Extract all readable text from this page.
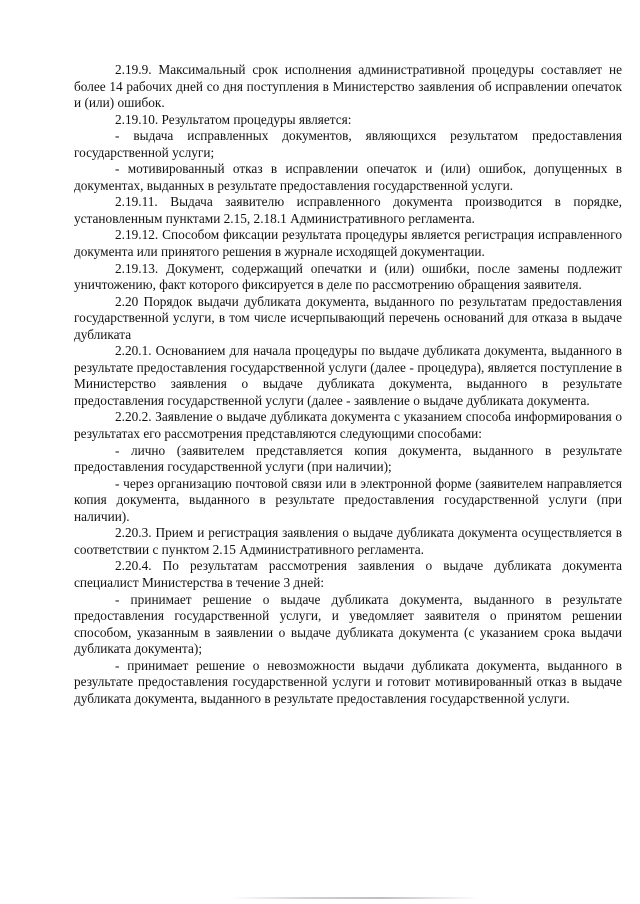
2.19.9. Максимальный срок исполнения административной процедуры составляет не более 14 рабочих дней со дня поступления в Министерство заявления об исправлении опечаток и (или) ошибок.

2.19.10. Результатом процедуры является:

- выдача исправленных документов, являющихся результатом предоставления государственной услуги;

- мотивированный отказ в исправлении опечаток и (или) ошибок, допущенных в документах, выданных в результате предоставления государственной услуги.

2.19.11. Выдача заявителю исправленного документа производится в порядке, установленным пунктами 2.15, 2.18.1 Административного регламента.

2.19.12. Способом фиксации результата процедуры является регистрация исправленного документа или принятого решения в журнале исходящей документации.

2.19.13. Документ, содержащий опечатки и (или) ошибки, после замены подлежит уничтожению, факт которого фиксируется в деле по рассмотрению обращения заявителя.

2.20 Порядок выдачи дубликата документа, выданного по результатам предоставления государственной услуги, в том числе исчерпывающий перечень оснований для отказа в выдаче дубликата

2.20.1. Основанием для начала процедуры по выдаче дубликата документа, выданного в результате предоставления государственной услуги (далее - процедура), является поступление в Министерство заявления о выдаче дубликата документа, выданного в результате предоставления государственной услуги (далее - заявление о выдаче дубликата документа.

2.20.2. Заявление о выдаче дубликата документа с указанием способа информирования о результатах его рассмотрения представляются следующими способами:

- лично (заявителем представляется копия документа, выданного в результате предоставления государственной услуги (при наличии);

- через организацию почтовой связи или в электронной форме (заявителем направляется копия документа, выданного в результате предоставления государственной услуги (при наличии).

2.20.3. Прием и регистрация заявления о выдаче дубликата документа осуществляется в соответствии с пунктом 2.15 Административного регламента.

2.20.4. По результатам рассмотрения заявления о выдаче дубликата документа специалист Министерства в течение 3 дней:

- принимает решение о выдаче дубликата документа, выданного в результате предоставления государственной услуги, и уведомляет заявителя о принятом решении способом, указанным в заявлении о выдаче дубликата документа (с указанием срока выдачи дубликата документа);

- принимает решение о невозможности выдачи дубликата документа, выданного в результате предоставления государственной услуги и готовит мотивированный отказ в выдаче дубликата документа, выданного в результате предоставления государственной услуги.
